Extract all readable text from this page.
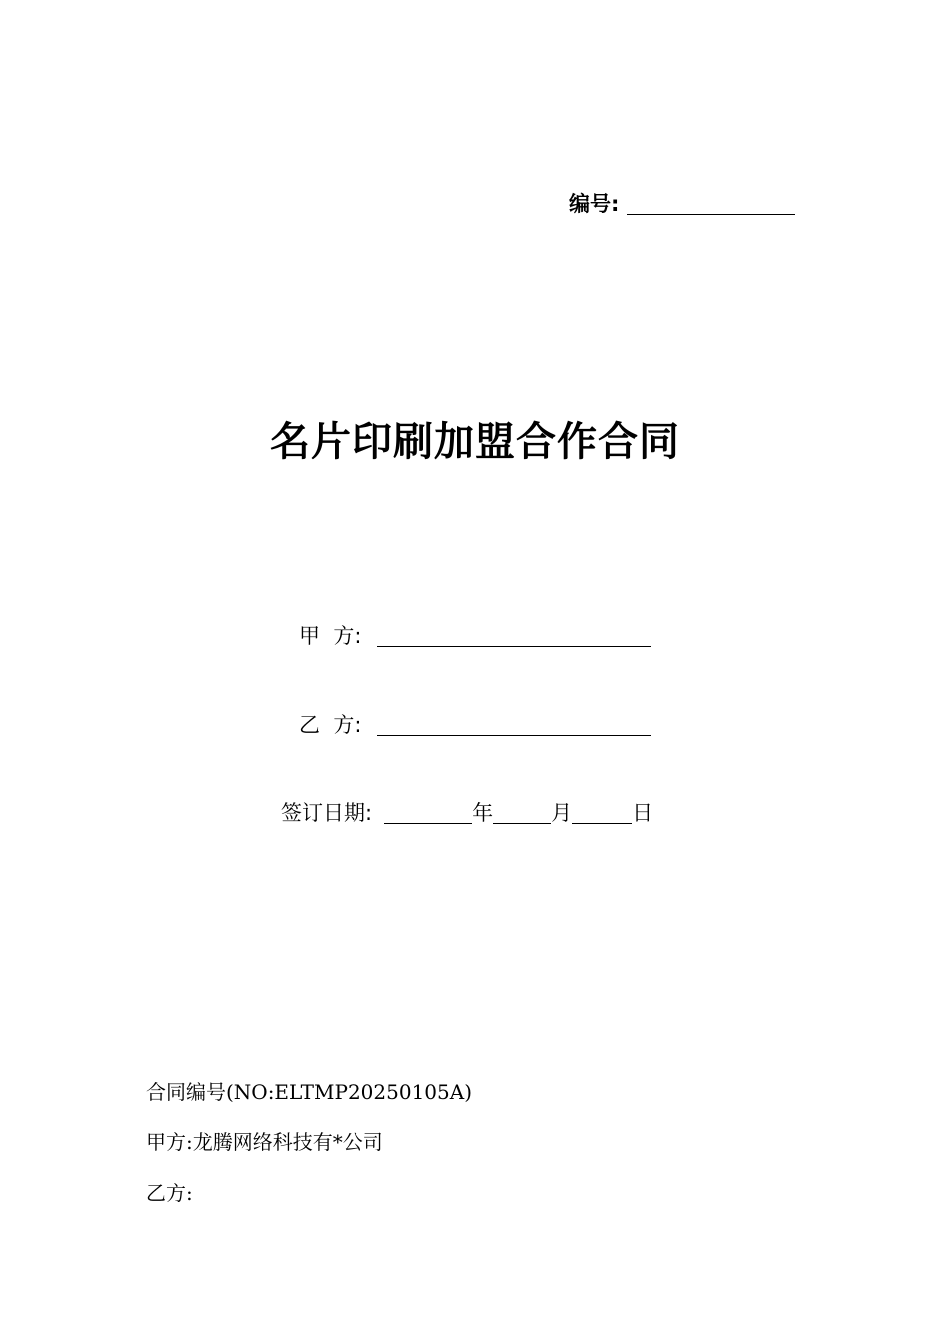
编号:
名片印刷加盟合作合同
甲  方:
乙  方:
签订日期:	年	月	日
合同编号(NO:ELTMP20250105A)
甲方:龙腾网络科技有*公司
乙方:
